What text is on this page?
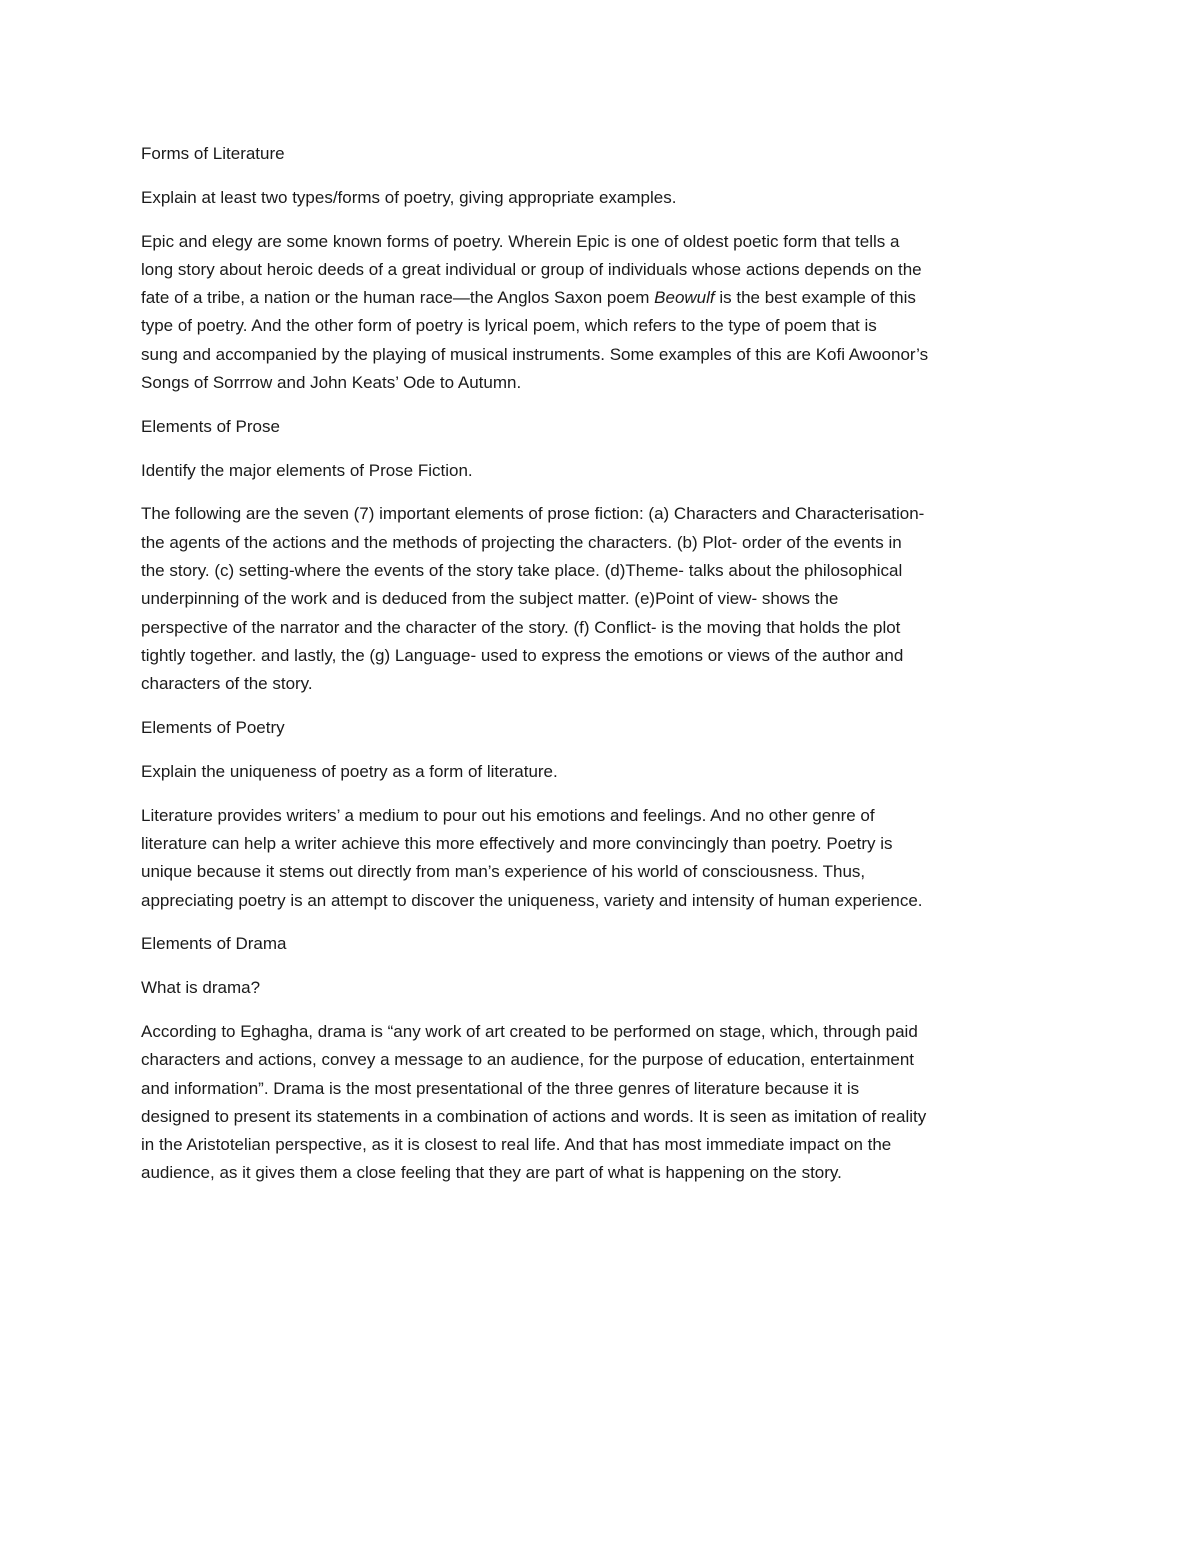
Forms of Literature

Explain at least two types/forms of poetry, giving appropriate examples.

Epic and elegy are some known forms of poetry. Wherein Epic is one of oldest poetic form that tells a
long story about heroic deeds of a great individual or group of individuals whose actions depends on the
fate of a tribe, a nation or the human race—the Anglos Saxon poem Beowulf is the best example of this
type of poetry. And the other form of poetry is lyrical poem, which refers to the type of poem that is
sung and accompanied by the playing of musical instruments. Some examples of this are Kofi Awoonor’s
Songs of Sorrrow and John Keats’ Ode to Autumn.

Elements of Prose

Identify the major elements of Prose Fiction.

The following are the seven (7) important elements of prose fiction: (a) Characters and Characterisation-
the agents of the actions and the methods of projecting the characters. (b) Plot- order of the events in
the story. (c) setting-where the events of the story take place. (d)Theme- talks about the philosophical
underpinning of the work and is deduced from the subject matter. (e)Point of view- shows the
perspective of the narrator and the character of the story. (f) Conflict- is the moving that holds the plot
tightly together. and lastly, the (g) Language- used to express the emotions or views of the author and
characters of the story.

Elements of Poetry

Explain the uniqueness of poetry as a form of literature.

Literature provides writers’ a medium to pour out his emotions and feelings. And no other genre of
literature can help a writer achieve this more effectively and more convincingly than poetry. Poetry is
unique because it stems out directly from man’s experience of his world of consciousness. Thus,
appreciating poetry is an attempt to discover the uniqueness, variety and intensity of human experience.

Elements of Drama

What is drama?

According to Eghagha, drama is “any work of art created to be performed on stage, which, through paid
characters and actions, convey a message to an audience, for the purpose of education, entertainment
and information”. Drama is the most presentational of the three genres of literature because it is
designed to present its statements in a combination of actions and words. It is seen as imitation of reality
in the Aristotelian perspective, as it is closest to real life. And that has most immediate impact on the
audience, as it gives them a close feeling that they are part of what is happening on the story.
